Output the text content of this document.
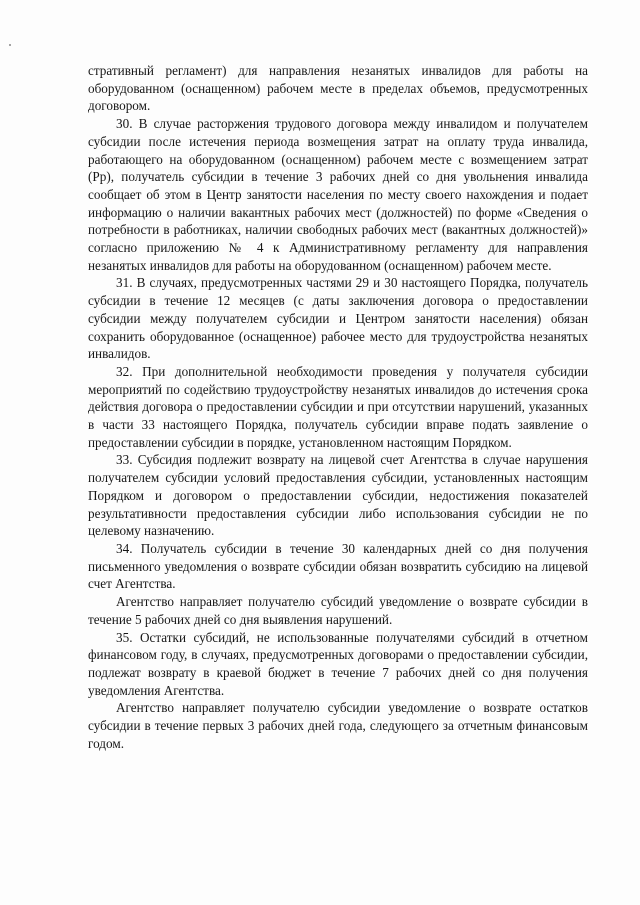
стративный регламент) для направления незанятых инвалидов для работы на оборудованном (оснащенном) рабочем месте в пределах объемов, предусмотренных договором.

30. В случае расторжения трудового договора между инвалидом и получателем субсидии после истечения периода возмещения затрат на оплату труда инвалида, работающего на оборудованном (оснащенном) рабочем месте с возмещением затрат (Рр), получатель субсидии в течение 3 рабочих дней со дня увольнения инвалида сообщает об этом в Центр занятости населения по месту своего нахождения и подает информацию о наличии вакантных рабочих мест (должностей) по форме «Сведения о потребности в работниках, наличии свободных рабочих мест (вакантных должностей)» согласно приложению № 4 к Административному регламенту для направления незанятых инвалидов для работы на оборудованном (оснащенном) рабочем месте.

31. В случаях, предусмотренных частями 29 и 30 настоящего Порядка, получатель субсидии в течение 12 месяцев (с даты заключения договора о предоставлении субсидии между получателем субсидии и Центром занятости населения) обязан сохранить оборудованное (оснащенное) рабочее место для трудоустройства незанятых инвалидов.

32. При дополнительной необходимости проведения у получателя субсидии мероприятий по содействию трудоустройству незанятых инвалидов до истечения срока действия договора о предоставлении субсидии и при отсутствии нарушений, указанных в части 33 настоящего Порядка, получатель субсидии вправе подать заявление о предоставлении субсидии в порядке, установленном настоящим Порядком.

33. Субсидия подлежит возврату на лицевой счет Агентства в случае нарушения получателем субсидии условий предоставления субсидии, установленных настоящим Порядком и договором о предоставлении субсидии, недостижения показателей результативности предоставления субсидии либо использования субсидии не по целевому назначению.

34. Получатель субсидии в течение 30 календарных дней со дня получения письменного уведомления о возврате субсидии обязан возвратить субсидию на лицевой счет Агентства.

Агентство направляет получателю субсидий уведомление о возврате субсидии в течение 5 рабочих дней со дня выявления нарушений.

35. Остатки субсидий, не использованные получателями субсидий в отчетном финансовом году, в случаях, предусмотренных договорами о предоставлении субсидии, подлежат возврату в краевой бюджет в течение 7 рабочих дней со дня получения уведомления Агентства.

Агентство направляет получателю субсидии уведомление о возврате остатков субсидии в течение первых 3 рабочих дней года, следующего за отчетным финансовым годом.
